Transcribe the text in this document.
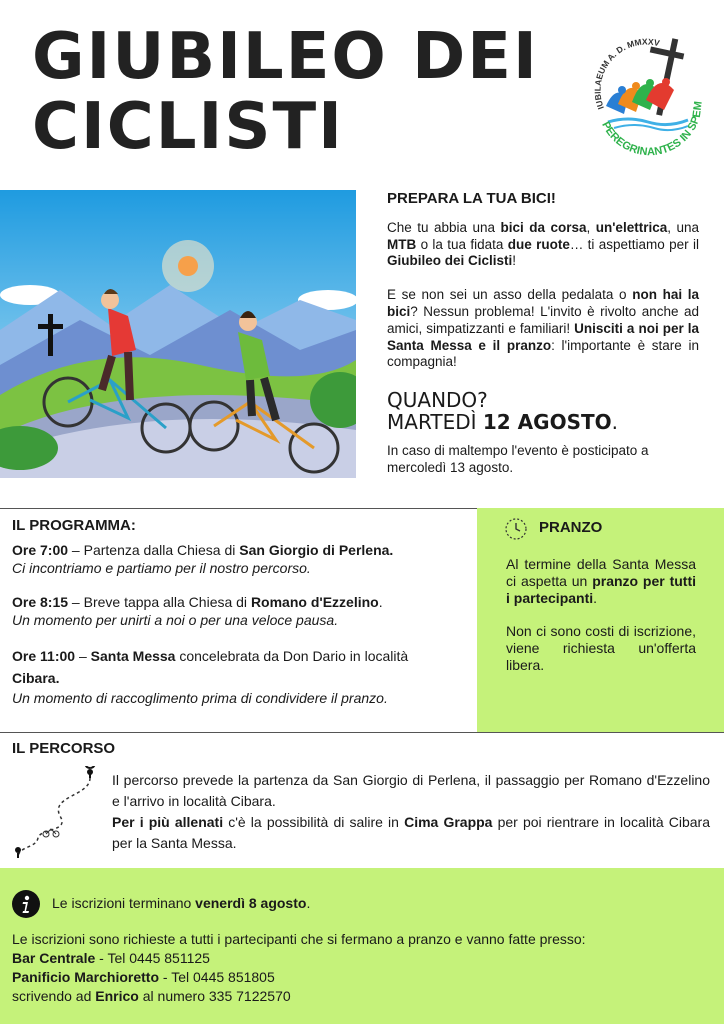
GIUBILEO DEI
CICLISTI	IUBILAEUM A. D. MMXXV
PEREGRINANTES IN SPEM
PREPARA LA TUA BICI!
Che tu abbia una bici da corsa, un'elettrica, una MTB o la tua fidata due ruote… ti aspettiamo per il Giubileo dei Ciclisti!
E se non sei un asso della pedalata o non hai la bici? Nessun problema! L'invito è rivolto anche ad amici, simpatizzanti e familiari! Unisciti a noi per la Santa Messa e il pranzo: l'importante è stare in compagnia!
QUANDO?
MARTEDÌ 12 AGOSTO.
In caso di maltempo l'evento è posticipato a mercoledì 13 agosto.
IL PROGRAMMA:
Ore 7:00 – Partenza dalla Chiesa di San Giorgio di Perlena.
Ci incontriamo e partiamo per il nostro percorso.
Ore 8:15 – Breve tappa alla Chiesa di Romano d'Ezzelino.
Un momento per unirti a noi o per una veloce pausa.
Ore 11:00 – Santa Messa concelebrata da Don Dario in località Cibara.
Un momento di raccoglimento prima di condividere il pranzo.
PRANZO
Al termine della Santa Messa ci aspetta un pranzo per tutti i partecipanti.
Non ci sono costi di iscrizione, viene richiesta un'offerta libera.
IL PERCORSO
Il percorso prevede la partenza da San Giorgio di Perlena, il passaggio per Romano d'Ezzelino e l'arrivo in località Cibara.
Per i più allenati c'è la possibilità di salire in Cima Grappa per poi rientrare in località Cibara per la Santa Messa.
Le iscrizioni terminano venerdì 8 agosto.
Le iscrizioni sono richieste a tutti i partecipanti che si fermano a pranzo e vanno fatte presso:
Bar Centrale - Tel 0445 851125
Panificio Marchioretto - Tel 0445 851805
scrivendo ad Enrico al numero 335 7122570
